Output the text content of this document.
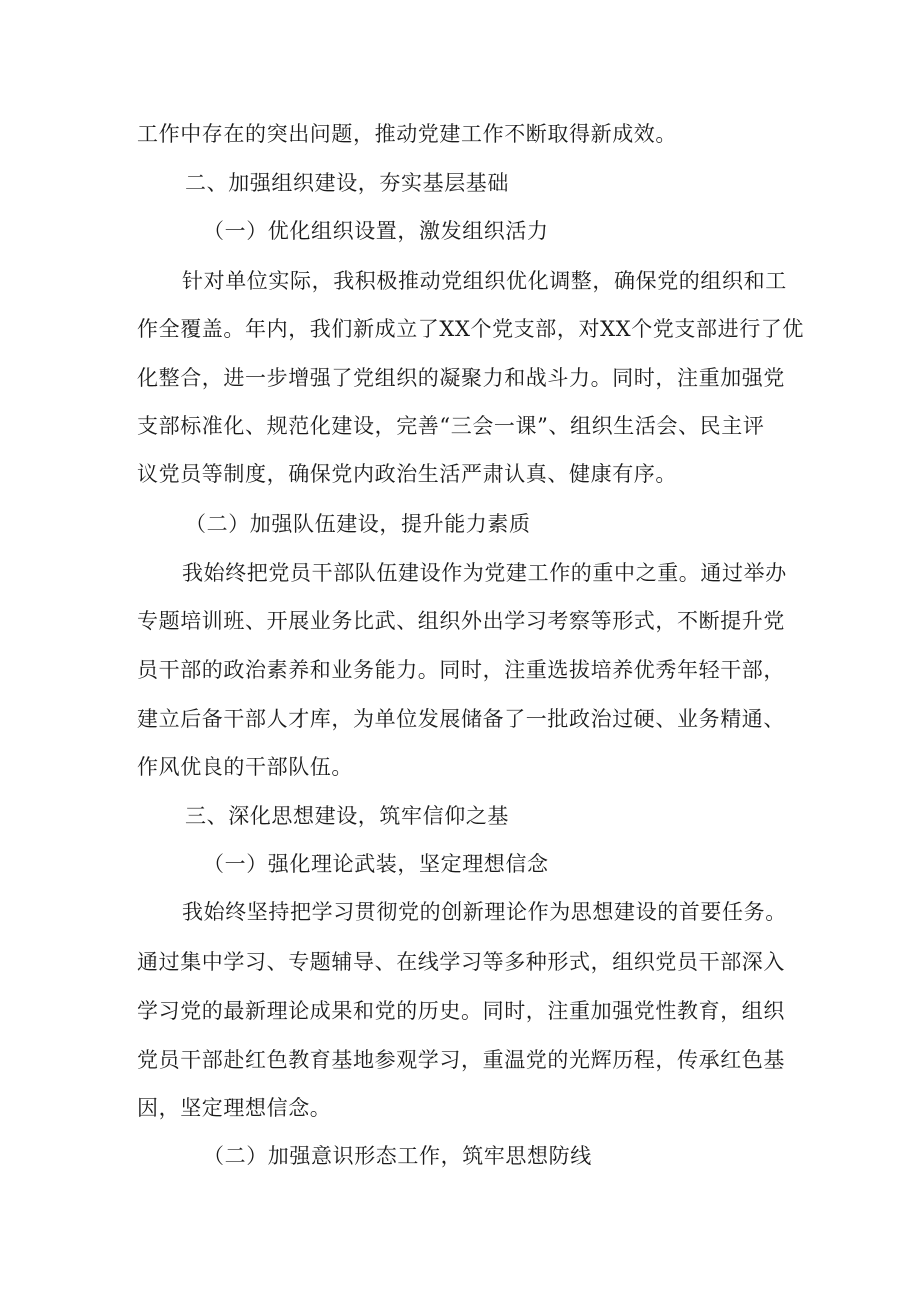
工作中存在的突出问题，推动党建工作不断取得新成效。

二、加强组织建设，夯实基层基础

（一）优化组织设置，激发组织活力

针对单位实际，我积极推动党组织优化调整，确保党的组织和工

作全覆盖。年内，我们新成立了XX个党支部，对XX个党支部进行了优

化整合，进一步增强了党组织的凝聚力和战斗力。同时，注重加强党

支部标准化、规范化建设，完善“三会一课”、组织生活会、民主评

议党员等制度，确保党内政治生活严肃认真、健康有序。

（二）加强队伍建设，提升能力素质

我始终把党员干部队伍建设作为党建工作的重中之重。通过举办

专题培训班、开展业务比武、组织外出学习考察等形式，不断提升党

员干部的政治素养和业务能力。同时，注重选拔培养优秀年轻干部，

建立后备干部人才库，为单位发展储备了一批政治过硬、业务精通、

作风优良的干部队伍。

三、深化思想建设，筑牢信仰之基

（一）强化理论武装，坚定理想信念

我始终坚持把学习贯彻党的创新理论作为思想建设的首要任务。

通过集中学习、专题辅导、在线学习等多种形式，组织党员干部深入

学习党的最新理论成果和党的历史。同时，注重加强党性教育，组织

党员干部赴红色教育基地参观学习，重温党的光辉历程，传承红色基

因，坚定理想信念。

（二）加强意识形态工作，筑牢思想防线
